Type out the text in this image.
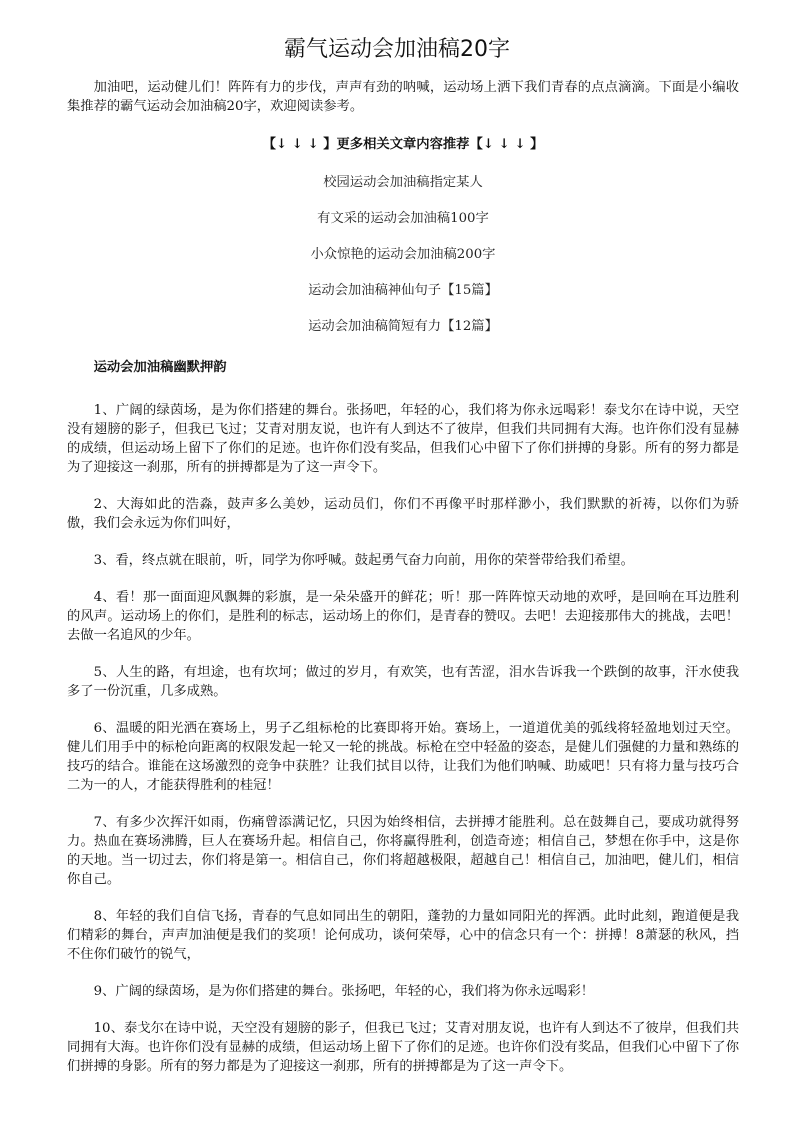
霸气运动会加油稿20字

加油吧，运动健儿们！阵阵有力的步伐，声声有劲的呐喊，运动场上洒下我们青春的点点滴滴。下面是小编收集推荐的霸气运动会加油稿20字，欢迎阅读参考。

【↓ ↓ ↓ 】更多相关文章内容推荐【↓ ↓ ↓ 】

校园运动会加油稿指定某人

有文采的运动会加油稿100字

小众惊艳的运动会加油稿200字

运动会加油稿神仙句子【15篇】

运动会加油稿简短有力【12篇】

运动会加油稿幽默押韵

1、广阔的绿茵场，是为你们搭建的舞台。张扬吧，年轻的心，我们将为你永远喝彩！泰戈尔在诗中说，天空没有翅膀的影子，但我已飞过；艾青对朋友说，也许有人到达不了彼岸，但我们共同拥有大海。也许你们没有显赫的成绩，但运动场上留下了你们的足迹。也许你们没有奖品，但我们心中留下了你们拼搏的身影。所有的努力都是为了迎接这一刹那，所有的拼搏都是为了这一声令下。

2、大海如此的浩淼，鼓声多么美妙，运动员们，你们不再像平时那样渺小，我们默默的祈祷，以你们为骄傲，我们会永远为你们叫好，

3、看，终点就在眼前，听，同学为你呼喊。鼓起勇气奋力向前，用你的荣誉带给我们希望。

4、看！那一面面迎风飘舞的彩旗，是一朵朵盛开的鲜花；听！那一阵阵惊天动地的欢呼，是回响在耳边胜利的风声。运动场上的你们，是胜利的标志，运动场上的你们，是青春的赞叹。去吧！去迎接那伟大的挑战，去吧！去做一名追风的少年。

5、人生的路，有坦途，也有坎坷；做过的岁月，有欢笑，也有苦涩，泪水告诉我一个跌倒的故事，汗水使我多了一份沉重，几多成熟。

6、温暖的阳光洒在赛场上，男子乙组标枪的比赛即将开始。赛场上，一道道优美的弧线将轻盈地划过天空。健儿们用手中的标枪向距离的权限发起一轮又一轮的挑战。标枪在空中轻盈的姿态，是健儿们强健的力量和熟练的技巧的结合。谁能在这场激烈的竞争中获胜？让我们拭目以待，让我们为他们呐喊、助威吧！只有将力量与技巧合二为一的人，才能获得胜利的桂冠！

7、有多少次挥汗如雨，伤痛曾添满记忆，只因为始终相信，去拼搏才能胜利。总在鼓舞自己，要成功就得努力。热血在赛场沸腾，巨人在赛场升起。相信自己，你将赢得胜利，创造奇迹；相信自己，梦想在你手中，这是你的天地。当一切过去，你们将是第一。相信自己，你们将超越极限，超越自己！相信自己，加油吧，健儿们，相信你自己。

8、年轻的我们自信飞扬，青春的气息如同出生的朝阳，蓬勃的力量如同阳光的挥洒。此时此刻，跑道便是我们精彩的舞台，声声加油便是我们的奖项！论何成功，谈何荣辱，心中的信念只有一个：拼搏！8萧瑟的秋风，挡不住你们破竹的锐气，

9、广阔的绿茵场，是为你们搭建的舞台。张扬吧，年轻的心，我们将为你永远喝彩！

10、泰戈尔在诗中说，天空没有翅膀的影子，但我已飞过；艾青对朋友说，也许有人到达不了彼岸，但我们共同拥有大海。也许你们没有显赫的成绩，但运动场上留下了你们的足迹。也许你们没有奖品，但我们心中留下了你们拼搏的身影。所有的努力都是为了迎接这一刹那，所有的拼搏都是为了这一声令下。
